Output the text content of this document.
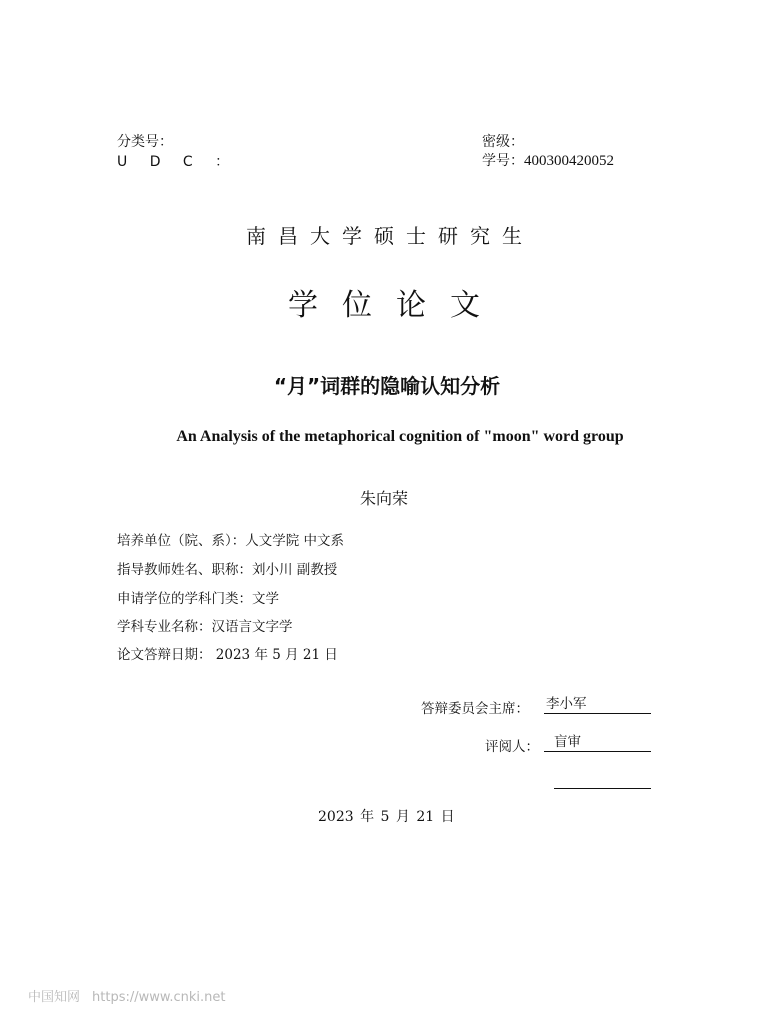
分类号：	密级：
U D C ：	学号：400300420052
南昌大学硕士研究生
学位论文
“月”词群的隐喻认知分析
An Analysis of the metaphorical cognition of "moon" word group
朱向荣
培养单位（院、系）：人文学院 中文系
指导教师姓名、职称：刘小川 副教授
申请学位的学科门类：文学
学科专业名称：汉语言文字学
论文答辩日期： 2023 年 5 月 21 日
答辩委员会主席： 李小军
评阅人：	盲审
2023 年 5 月 21 日
中国知网 https://www.cnki.net
